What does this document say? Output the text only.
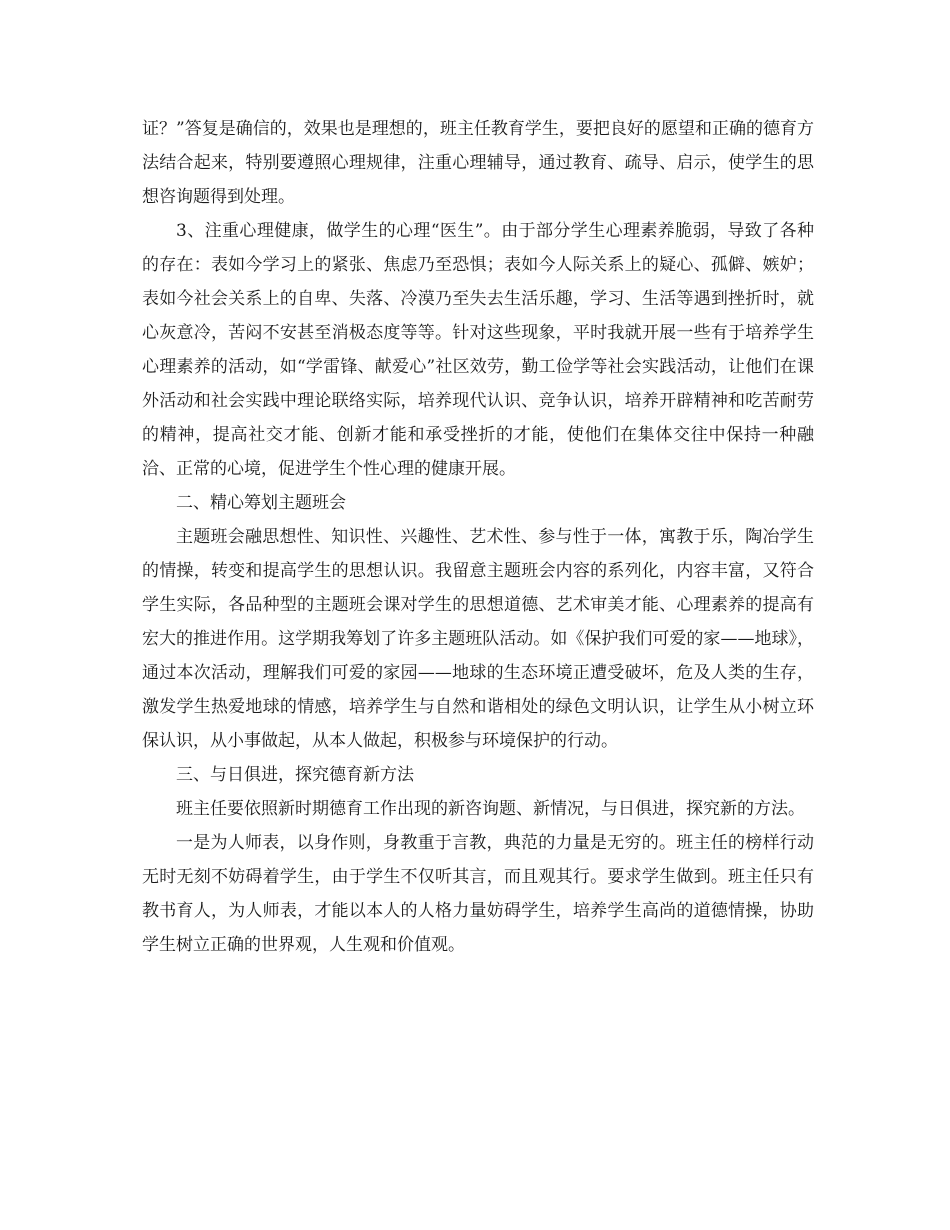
证？”答复是确信的，效果也是理想的，班主任教育学生，要把良好的愿望和正确的德育方法结合起来，特别要遵照心理规律，注重心理辅导，通过教育、疏导、启示，使学生的思想咨询题得到处理。

3、注重心理健康，做学生的心理“医生”。由于部分学生心理素养脆弱，导致了各种的存在：表如今学习上的紧张、焦虑乃至恐惧；表如今人际关系上的疑心、孤僻、嫉妒；表如今社会关系上的自卑、失落、冷漠乃至失去生活乐趣，学习、生活等遇到挫折时，就心灰意冷，苦闷不安甚至消极态度等等。针对这些现象，平时我就开展一些有于培养学生心理素养的活动，如“学雷锋、献爱心”社区效劳，勤工俭学等社会实践活动，让他们在课外活动和社会实践中理论联络实际，培养现代认识、竞争认识，培养开辟精神和吃苦耐劳的精神，提高社交才能、创新才能和承受挫折的才能，使他们在集体交往中保持一种融洽、正常的心境，促进学生个性心理的健康开展。

二、精心筹划主题班会

主题班会融思想性、知识性、兴趣性、艺术性、参与性于一体，寓教于乐，陶冶学生的情操，转变和提高学生的思想认识。我留意主题班会内容的系列化，内容丰富，又符合学生实际，各品种型的主题班会课对学生的思想道德、艺术审美才能、心理素养的提高有宏大的推进作用。这学期我筹划了许多主题班队活动。如《保护我们可爱的家——地球》，通过本次活动，理解我们可爱的家园——地球的生态环境正遭受破坏，危及人类的生存，激发学生热爱地球的情感，培养学生与自然和谐相处的绿色文明认识，让学生从小树立环保认识，从小事做起，从本人做起，积极参与环境保护的行动。

三、与日俱进，探究德育新方法

班主任要依照新时期德育工作出现的新咨询题、新情况，与日俱进，探究新的方法。

一是为人师表，以身作则，身教重于言教，典范的力量是无穷的。班主任的榜样行动无时无刻不妨碍着学生，由于学生不仅听其言，而且观其行。要求学生做到。班主任只有教书育人，为人师表，才能以本人的人格力量妨碍学生，培养学生高尚的道德情操，协助学生树立正确的世界观，人生观和价值观。
